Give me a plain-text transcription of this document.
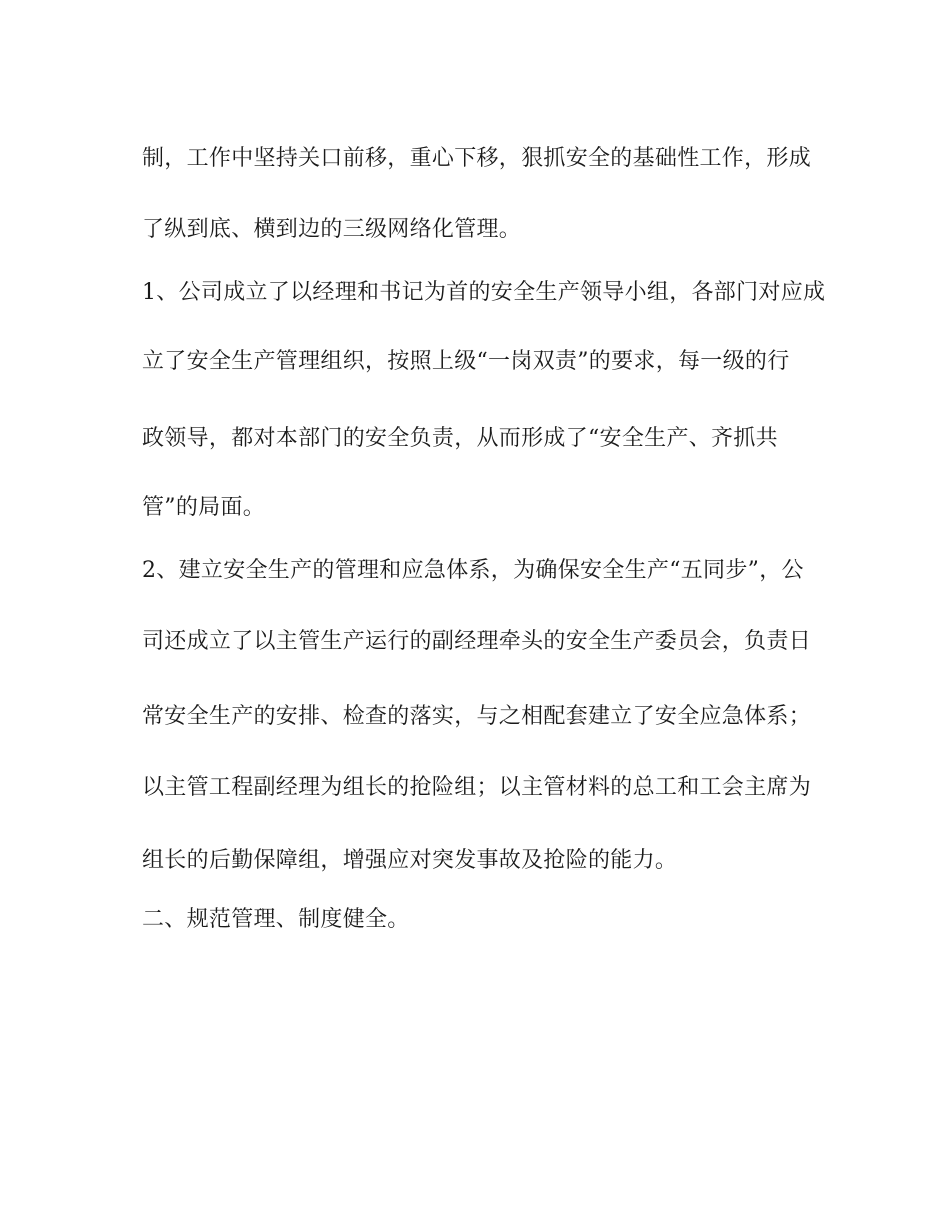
制，工作中坚持关口前移，重心下移，狠抓安全的基础性工作，形成
了纵到底、横到边的三级网络化管理。
1、公司成立了以经理和书记为首的安全生产领导小组，各部门对应成
立了安全生产管理组织，按照上级“一岗双责”的要求，每一级的行
政领导，都对本部门的安全负责，从而形成了“安全生产、齐抓共
管”的局面。
2、建立安全生产的管理和应急体系，为确保安全生产“五同步”，公
司还成立了以主管生产运行的副经理牵头的安全生产委员会，负责日
常安全生产的安排、检查的落实，与之相配套建立了安全应急体系；
以主管工程副经理为组长的抢险组；以主管材料的总工和工会主席为
组长的后勤保障组，增强应对突发事故及抢险的能力。
二、规范管理、制度健全。
